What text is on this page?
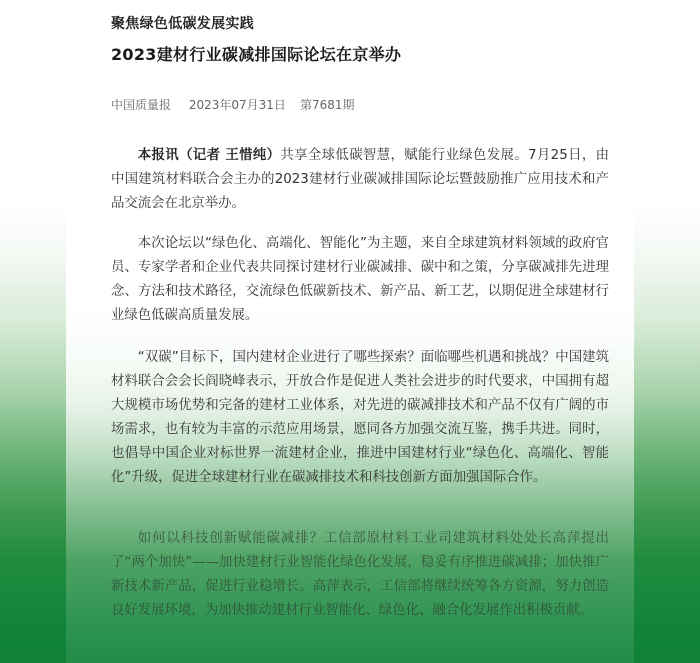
聚焦绿色低碳发展实践
2023建材行业碳减排国际论坛在京举办
中国质量报 2023年07月31日 第7681期

本报讯（记者 王惜纯）共享全球低碳智慧，赋能行业绿色发展。7月25日，由中国建筑材料联合会主办的2023建材行业碳减排国际论坛暨鼓励推广应用技术和产品交流会在北京举办。

本次论坛以“绿色化、高端化、智能化”为主题，来自全球建筑材料领域的政府官员、专家学者和企业代表共同探讨建材行业碳减排、碳中和之策，分享碳减排先进理念、方法和技术路径，交流绿色低碳新技术、新产品、新工艺，以期促进全球建材行业绿色低碳高质量发展。

“双碳”目标下，国内建材企业进行了哪些探索？面临哪些机遇和挑战？中国建筑材料联合会会长阎晓峰表示，开放合作是促进人类社会进步的时代要求，中国拥有超大规模市场优势和完备的建材工业体系，对先进的碳减排技术和产品不仅有广阔的市场需求，也有较为丰富的示范应用场景，愿同各方加强交流互鉴，携手共进。同时，也倡导中国企业对标世界一流建材企业，推进中国建材行业“绿色化、高端化、智能化”升级，促进全球建材行业在碳减排技术和科技创新方面加强国际合作。

如何以科技创新赋能碳减排？工信部原材料工业司建筑材料处处长高萍提出了“两个加快”——加快建材行业智能化绿色化发展，稳妥有序推进碳减排；加快推广新技术新产品，促进行业稳增长。高萍表示，工信部将继续统筹各方资源，努力创造良好发展环境，为加快推动建材行业智能化、绿色化、融合化发展作出积极贡献。
